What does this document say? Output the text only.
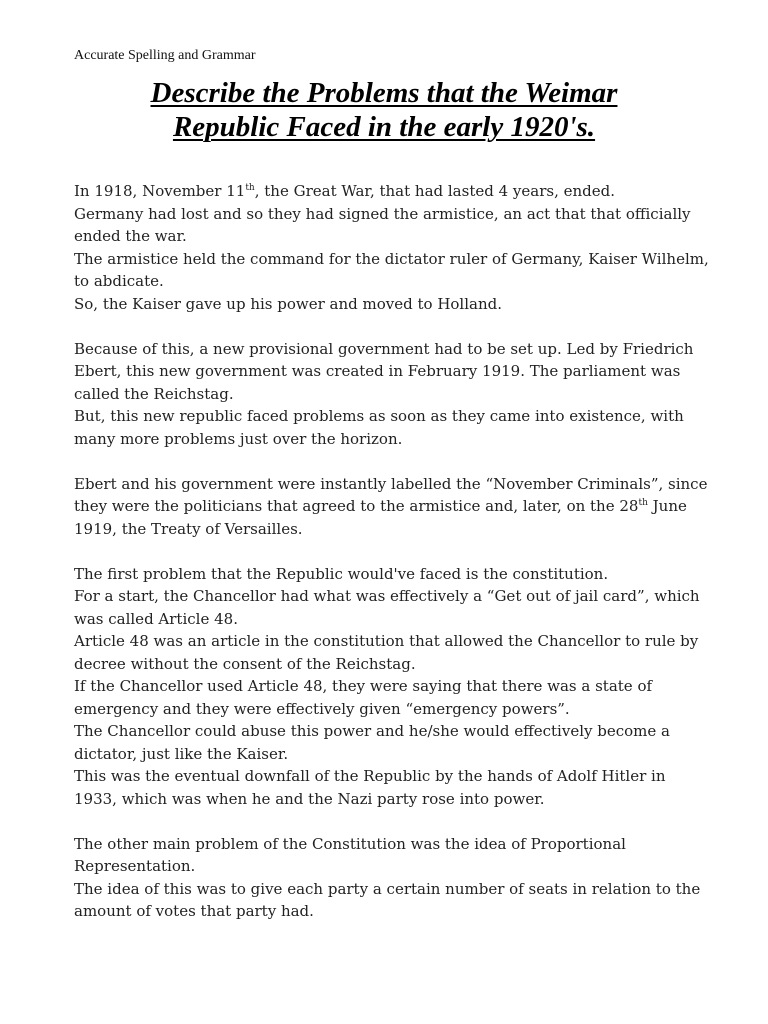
Accurate Spelling and Grammar
Describe the Problems that the Weimar
Republic Faced in the early 1920's.
In 1918, November 11th, the Great War, that had lasted 4 years, ended.
Germany had lost and so they had signed the armistice, an act that that officially
ended the war.
The armistice held the command for the dictator ruler of Germany, Kaiser Wilhelm,
to abdicate.
So, the Kaiser gave up his power and moved to Holland.
Because of this, a new provisional government had to be set up. Led by Friedrich
Ebert, this new government was created in February 1919. The parliament was
called the Reichstag.
But, this new republic faced problems as soon as they came into existence, with
many more problems just over the horizon.
Ebert and his government were instantly labelled the “November Criminals”, since
they were the politicians that agreed to the armistice and, later, on the 28th June
1919, the Treaty of Versailles.
The first problem that the Republic would've faced is the constitution.
For a start, the Chancellor had what was effectively a “Get out of jail card”, which
was called Article 48.
Article 48 was an article in the constitution that allowed the Chancellor to rule by
decree without the consent of the Reichstag.
If the Chancellor used Article 48, they were saying that there was a state of
emergency and they were effectively given “emergency powers”.
The Chancellor could abuse this power and he/she would effectively become a
dictator, just like the Kaiser.
This was the eventual downfall of the Republic by the hands of Adolf Hitler in
1933, which was when he and the Nazi party rose into power.
The other main problem of the Constitution was the idea of Proportional
Representation.
The idea of this was to give each party a certain number of seats in relation to the
amount of votes that party had.
